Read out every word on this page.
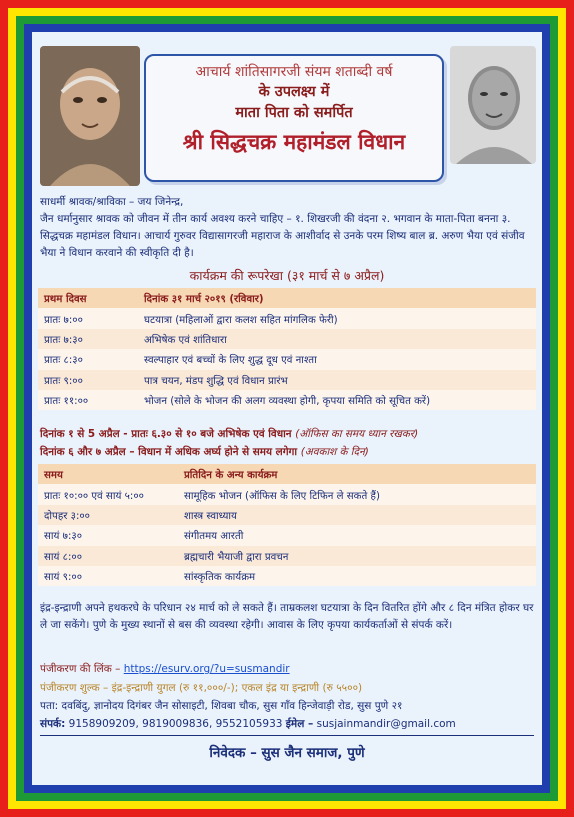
आचार्य शांतिसागरजी संयम शताब्दी वर्ष
के उपलक्ष्य में
माता पिता को समर्पित
श्री सिद्धचक्र महामंडल विधान
साधर्मी श्रावक/श्राविका – जय जिनेन्द्र,
जैन धर्मानुसार श्रावक को जीवन में तीन कार्य अवश्य करने चाहिए – १. शिखरजी की वंदना २. भगवान के माता-पिता बनना ३. सिद्धचक्र महामंडल विधान। आचार्य गुरुवर विद्यासागरजी महाराज के आशीर्वाद से उनके परम शिष्य बाल ब्र. अरुण भैया एवं संजीव भैया ने विधान करवाने की स्वीकृति दी है।
कार्यक्रम की रूपरेखा (३१ मार्च से ७ अप्रैल)
प्रथम दिवस	दिनांक ३१ मार्च २०१९ (रविवार)
प्रातः ७:००	घटयात्रा (महिलाओं द्वारा कलश सहित मांगलिक फेरी)
प्रातः ७:३०	अभिषेक एवं शांतिधारा
प्रातः ८:३०	स्वल्पाहार एवं बच्चों के लिए शुद्ध दूध एवं नाश्ता
प्रातः ९:००	पात्र चयन, मंडप शुद्धि एवं विधान प्रारंभ
प्रातः ११:००	भोजन (सोले के भोजन की अलग व्यवस्था होगी, कृपया समिति को सूचित करें)
दिनांक १ से 5 अप्रैल - प्रातः ६.३० से १० बजे अभिषेक एवं विधान (ऑफिस का समय ध्यान रखकर)
दिनांक ६ और ७ अप्रैल – विधान में अधिक अर्घ्य होने से समय लगेगा (अवकाश के दिन)
समय	प्रतिदिन के अन्य कार्यक्रम
प्रातः १०:०० एवं सायं ५:००	सामूहिक भोजन (ऑफिस के लिए टिफिन ले सकते हैं)
दोपहर ३:००	शास्त्र स्वाध्याय
सायं ७:३०	संगीतमय आरती
सायं ८:००	ब्रह्मचारी भैयाजी द्वारा प्रवचन
सायं ९:००	सांस्कृतिक कार्यक्रम
इंद्र-इन्द्राणी अपने हथकरघे के परिधान २४ मार्च को ले सकते हैं। ताम्रकलश घटयात्रा के दिन वितरित होंगे और ८ दिन मंत्रित होकर घर ले जा सकेंगे। पुणे के मुख्य स्थानों से बस की व्यवस्था रहेगी। आवास के लिए कृपया कार्यकर्ताओं से संपर्क करें।
पंजीकरण की लिंक – https://esurv.org/?u=susmandir
पंजीकरण शुल्क – इंद्र-इन्द्राणी युगल (रु ११,०००/-); एकल इंद्र या इन्द्राणी (रु ५५००)
पता: दवबिंदु, ज्ञानोदय दिगंबर जैन सोसाइटी, शिवबा चौक, सुस गाँव हिन्जेवाड़ी रोड, सुस पुणे २१
संपर्क: 9158909209, 9819009836, 9552105933 ईमेल – susjainmandir@gmail.com
निवेदक – सुस जैन समाज, पुणे
